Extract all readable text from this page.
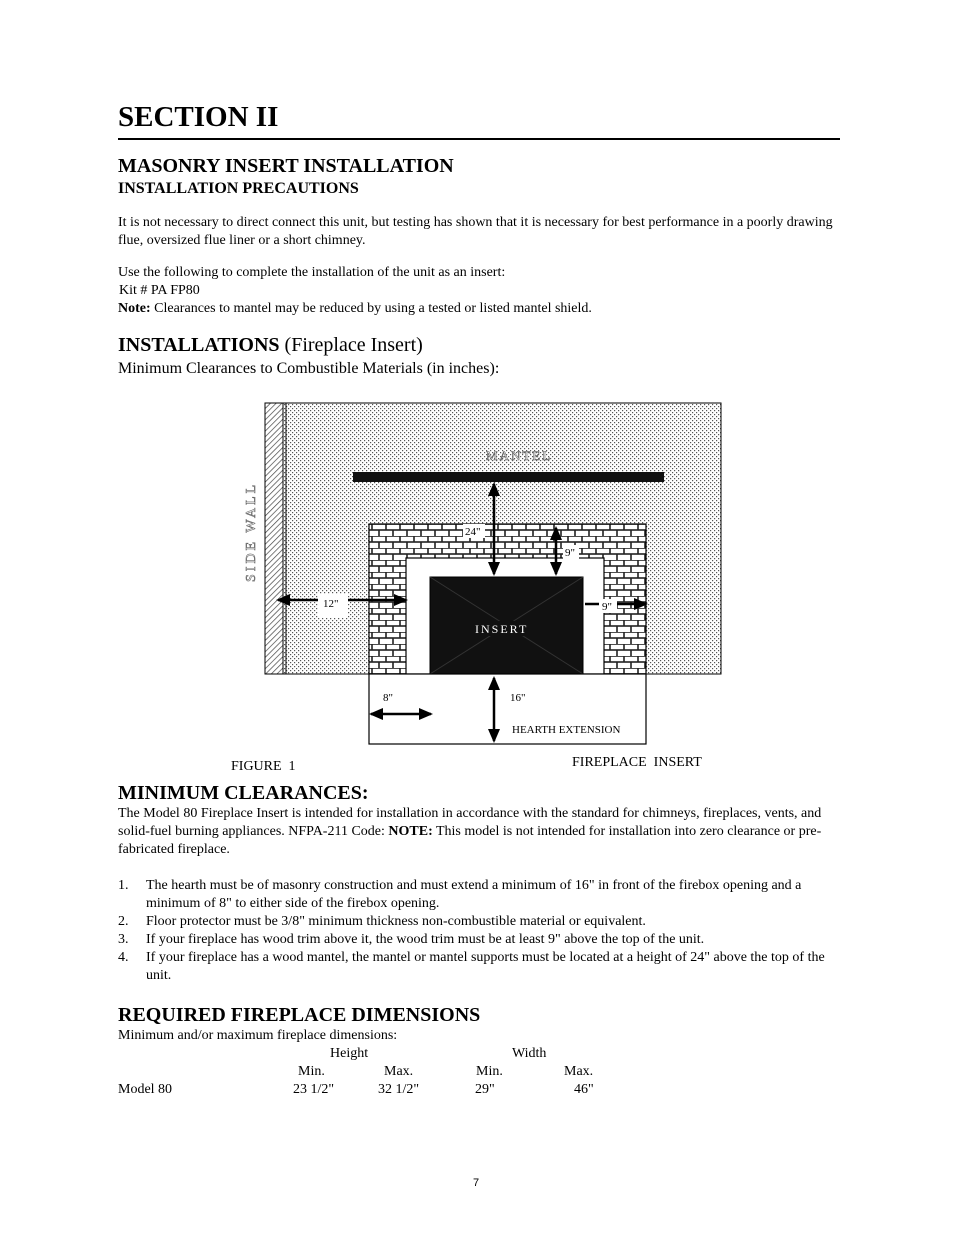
SECTION II
MASONRY INSERT INSTALLATION
INSTALLATION PRECAUTIONS
It is not necessary to direct connect this unit, but testing has shown that it is necessary for best performance in a poorly drawing flue, oversized flue liner or a short chimney.
Use the following to complete the installation of the unit as an insert:
Kit # PA FP80
Note: Clearances to mantel may be reduced by using a tested or listed mantel shield.
INSTALLATIONS (Fireplace Insert)
Minimum Clearances to Combustible Materials (in inches):
MANTEL
SIDE WALL
INSERT
24"
9"
9"
12"
8"	16"
HEARTH EXTENSION
FIGURE  1	FIREPLACE  INSERT
MINIMUM CLEARANCES:
The Model 80 Fireplace Insert is intended for installation in accordance with the standard for chimneys, fireplaces, vents, and solid-fuel burning appliances. NFPA-211 Code: NOTE: This model is not intended for installation into zero clearance or pre-fabricated fireplace.
1. The hearth must be of masonry construction and must extend a minimum of 16" in front of the firebox opening and a minimum of 8" to either side of the firebox opening.
2. Floor protector must be 3/8" minimum thickness non-combustible material or equivalent.
3. If your fireplace has wood trim above it, the wood trim must be at least 9" above the top of the unit.
4. If your fireplace has a wood mantel, the mantel or mantel supports must be located at a height of 24" above the top of the unit.
REQUIRED FIREPLACE DIMENSIONS
Minimum and/or maximum fireplace dimensions:
Height	Width
Min.	Max.	Min.	Max.
Model 80	23 1/2"	32 1/2"	29"	46"
7
